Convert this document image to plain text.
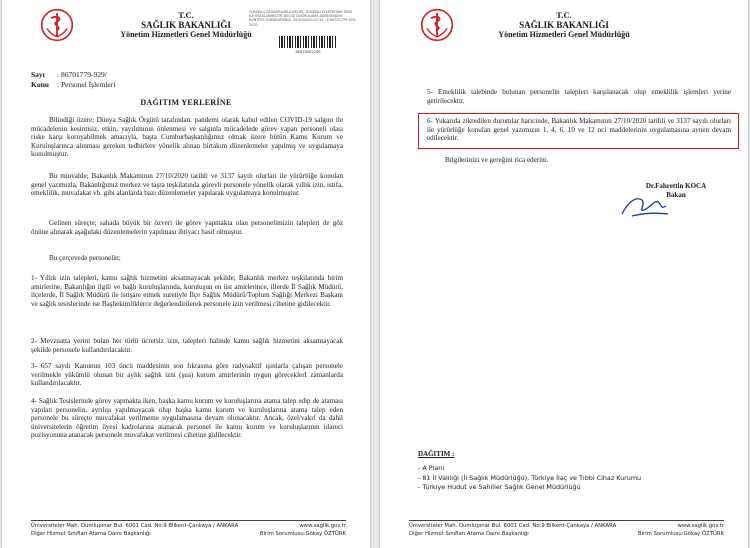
T.C.
SAĞLIK BAKANLIĞI
Yönetim Hizmetleri Genel Müdürlüğü
YÜKSEK ÇÖZÜNÜRLÜKLÜ BELGE, GÜVENLİ ELEKTRONİK İMZA İLE İMZALANMIŞTIR. BELGE DOĞRULAMA ADRESİNDEN KONTROL EDEBİLİRSİNİZ. 29/10/2020 02:15 - E-86701779-929-2020
BE87D6E2266
Sayı : 86701779-929/
Konu : Personel İşlemleri
DAĞITIM YERLERİNE

Bilindiği üzere; Dünya Sağlık Örgütü tarafından, pandemi olarak kabul edilen COVID-19 salgını ile mücadelenin kesintisiz, etkin, yayılımının önlenmesi ve salgınla mücadelede görev yapan personeli olası riske karşı koruyabilmek amacıyla, başta Cumhurbaşkanlığımız olmak üzere bütün Kamu Kurum ve Kuruluşlarınca alınması gereken tedbirlere yönelik alınan birtakım düzenlemeler yapılmış ve uygulamaya konulmuştur.

Bu minvalde; Bakanlık Makamının 27/10/2020 tarihli ve 3137 sayılı olurları ile yürürlüğe konulan genel yazımızla, Bakanlığımız merkez ve taşra teşkilatında görevli personele yönelik olarak yıllık izin, istifa, emeklilik, muvafakat vb. gibi alanlarda bazı düzenlemeler yapılarak uygulamaya konulmuştur.

Gelinen süreçte; sahada büyük bir özveri ile görev yapmakta olan personelimizin talepleri de göz önüne alınarak aşağıdaki düzenlemelerin yapılması ihtiyacı hasıl olmuştur.

Bu çerçevede personelin;

1- Yıllık izin talepleri, kamu sağlık hizmetini aksatmayacak şekilde; Bakanlık merkez teşkilatında birim amirlerine, Bakanlığın ilgili ve bağlı kuruluşlarında, kuruluşun en üst amirlerince, illerde İl Sağlık Müdürü, ilçelerde, İl Sağlık Müdürü ile istişare etmek suretiyle İlçe Sağlık Müdürü/Toplum Sağlığı Merkezi Başkanı ve sağlık tesislerinde ise Başhekimliklerce değerlendirilerek personele izin verilmesi cihetine gidilecektir.

2- Mevzuatta yerini bulan her türlü ücretsiz izin, talepleri halinde kamu sağlık hizmetini aksatmayacak şekilde personele kullandırılacaktır.

3- 657 sayılı Kanunun 103 üncü maddesinin son fıkrasına göre radyoaktif ışınlarla çalışan personele verilmekle yükümlü olunan bir aylık sağlık izni (şua) kurum amirlerinin uygun göreceklerI zamanlarda kullandırılacaktır.

4- Sağlık Tesislerinde görev yapmakta iken, başka kamu kurum ve kuruluşlarına atama talep edip de ataması yapılan personelin, ayrılışı yapılmayacak olup başka kamu kurum ve kuruluşlarına atama talep eden personele bu süreçte muvafakat verilmeme uygulamasına devam olunacaktır. Ancak, özel/vakıf da dahil üniversitelerin öğretim üyesi kadrolarına atanacak personel ile kamu kurum ve kuruluşlarının idareci pozisyonuna atanacak personele muvafakat verilmesi cihetine gidilecektir.

Üniversiteler Mah. Dumlupınar Bul. 6001 Cad. No:9 Bilkent-Çankaya / ANKARA
Diğer Hizmet Sınıfları Atama Daire Başkanlığı
www.saglik.gov.tr
Birim Sorumlusu:Gökay ÖZTÜRK
T.C.
SAĞLIK BAKANLIĞI
Yönetim Hizmetleri Genel Müdürlüğü

5- Emeklilik talebinde bulunan personelin talepleri karşılanacak olup emeklilik işlemleri yerine getirilecektir.

6- Yukarıda zikredilen durumlar haricinde, Bakanlık Makamının 27/10/2020 tarihli ve 3137 sayılı olurları ile yürürlüğe konulan genel yazımızın 1, 4, 6, 10 ve 12 nci maddelerinin uygulamasına aynen devam edilecektir.

Bilgilerinizi ve gereğini rica ederim.

Dr.Fahrettin KOCA
Bakan
DAĞITIM :
- A Planı
- 81 İl Valiliği (İl Sağlık Müdürlüğü), Türkiye İlaç ve Tıbbi Cihaz Kurumu
- Türkiye Hudut ve Sahiller Sağlık Genel Müdürlüğü
Üniversiteler Mah. Dumlupınar Bul. 6001 Cad. No:9 Bilkent-Çankaya / ANKARA
Diğer Hizmet Sınıfları Atama Daire Başkanlığı
www.saglik.gov.tr
Birim Sorumlusu:Gökay ÖZTÜRK
